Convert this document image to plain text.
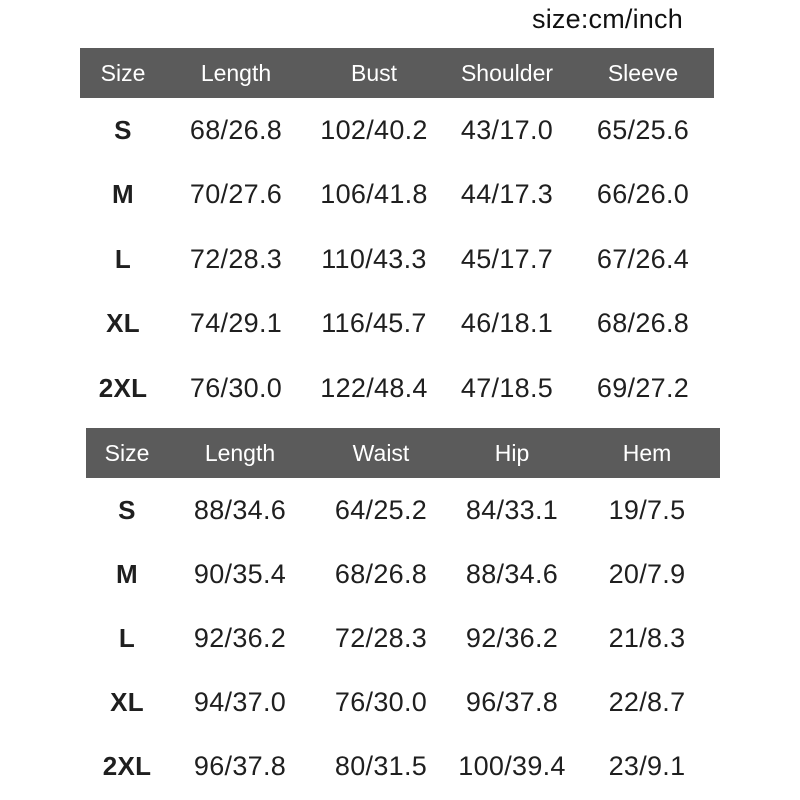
size:cm/inch
Size	Length	Bust	Shoulder	Sleeve
S	68/26.8	102/40.2	43/17.0	65/25.6
M	70/27.6	106/41.8	44/17.3	66/26.0
L	72/28.3	110/43.3	45/17.7	67/26.4
XL	74/29.1	116/45.7	46/18.1	68/26.8
2XL	76/30.0	122/48.4	47/18.5	69/27.2
Size	Length	Waist	Hip	Hem
S	88/34.6	64/25.2	84/33.1	19/7.5
M	90/35.4	68/26.8	88/34.6	20/7.9
L	92/36.2	72/28.3	92/36.2	21/8.3
XL	94/37.0	76/30.0	96/37.8	22/8.7
2XL	96/37.8	80/31.5	100/39.4	23/9.1
